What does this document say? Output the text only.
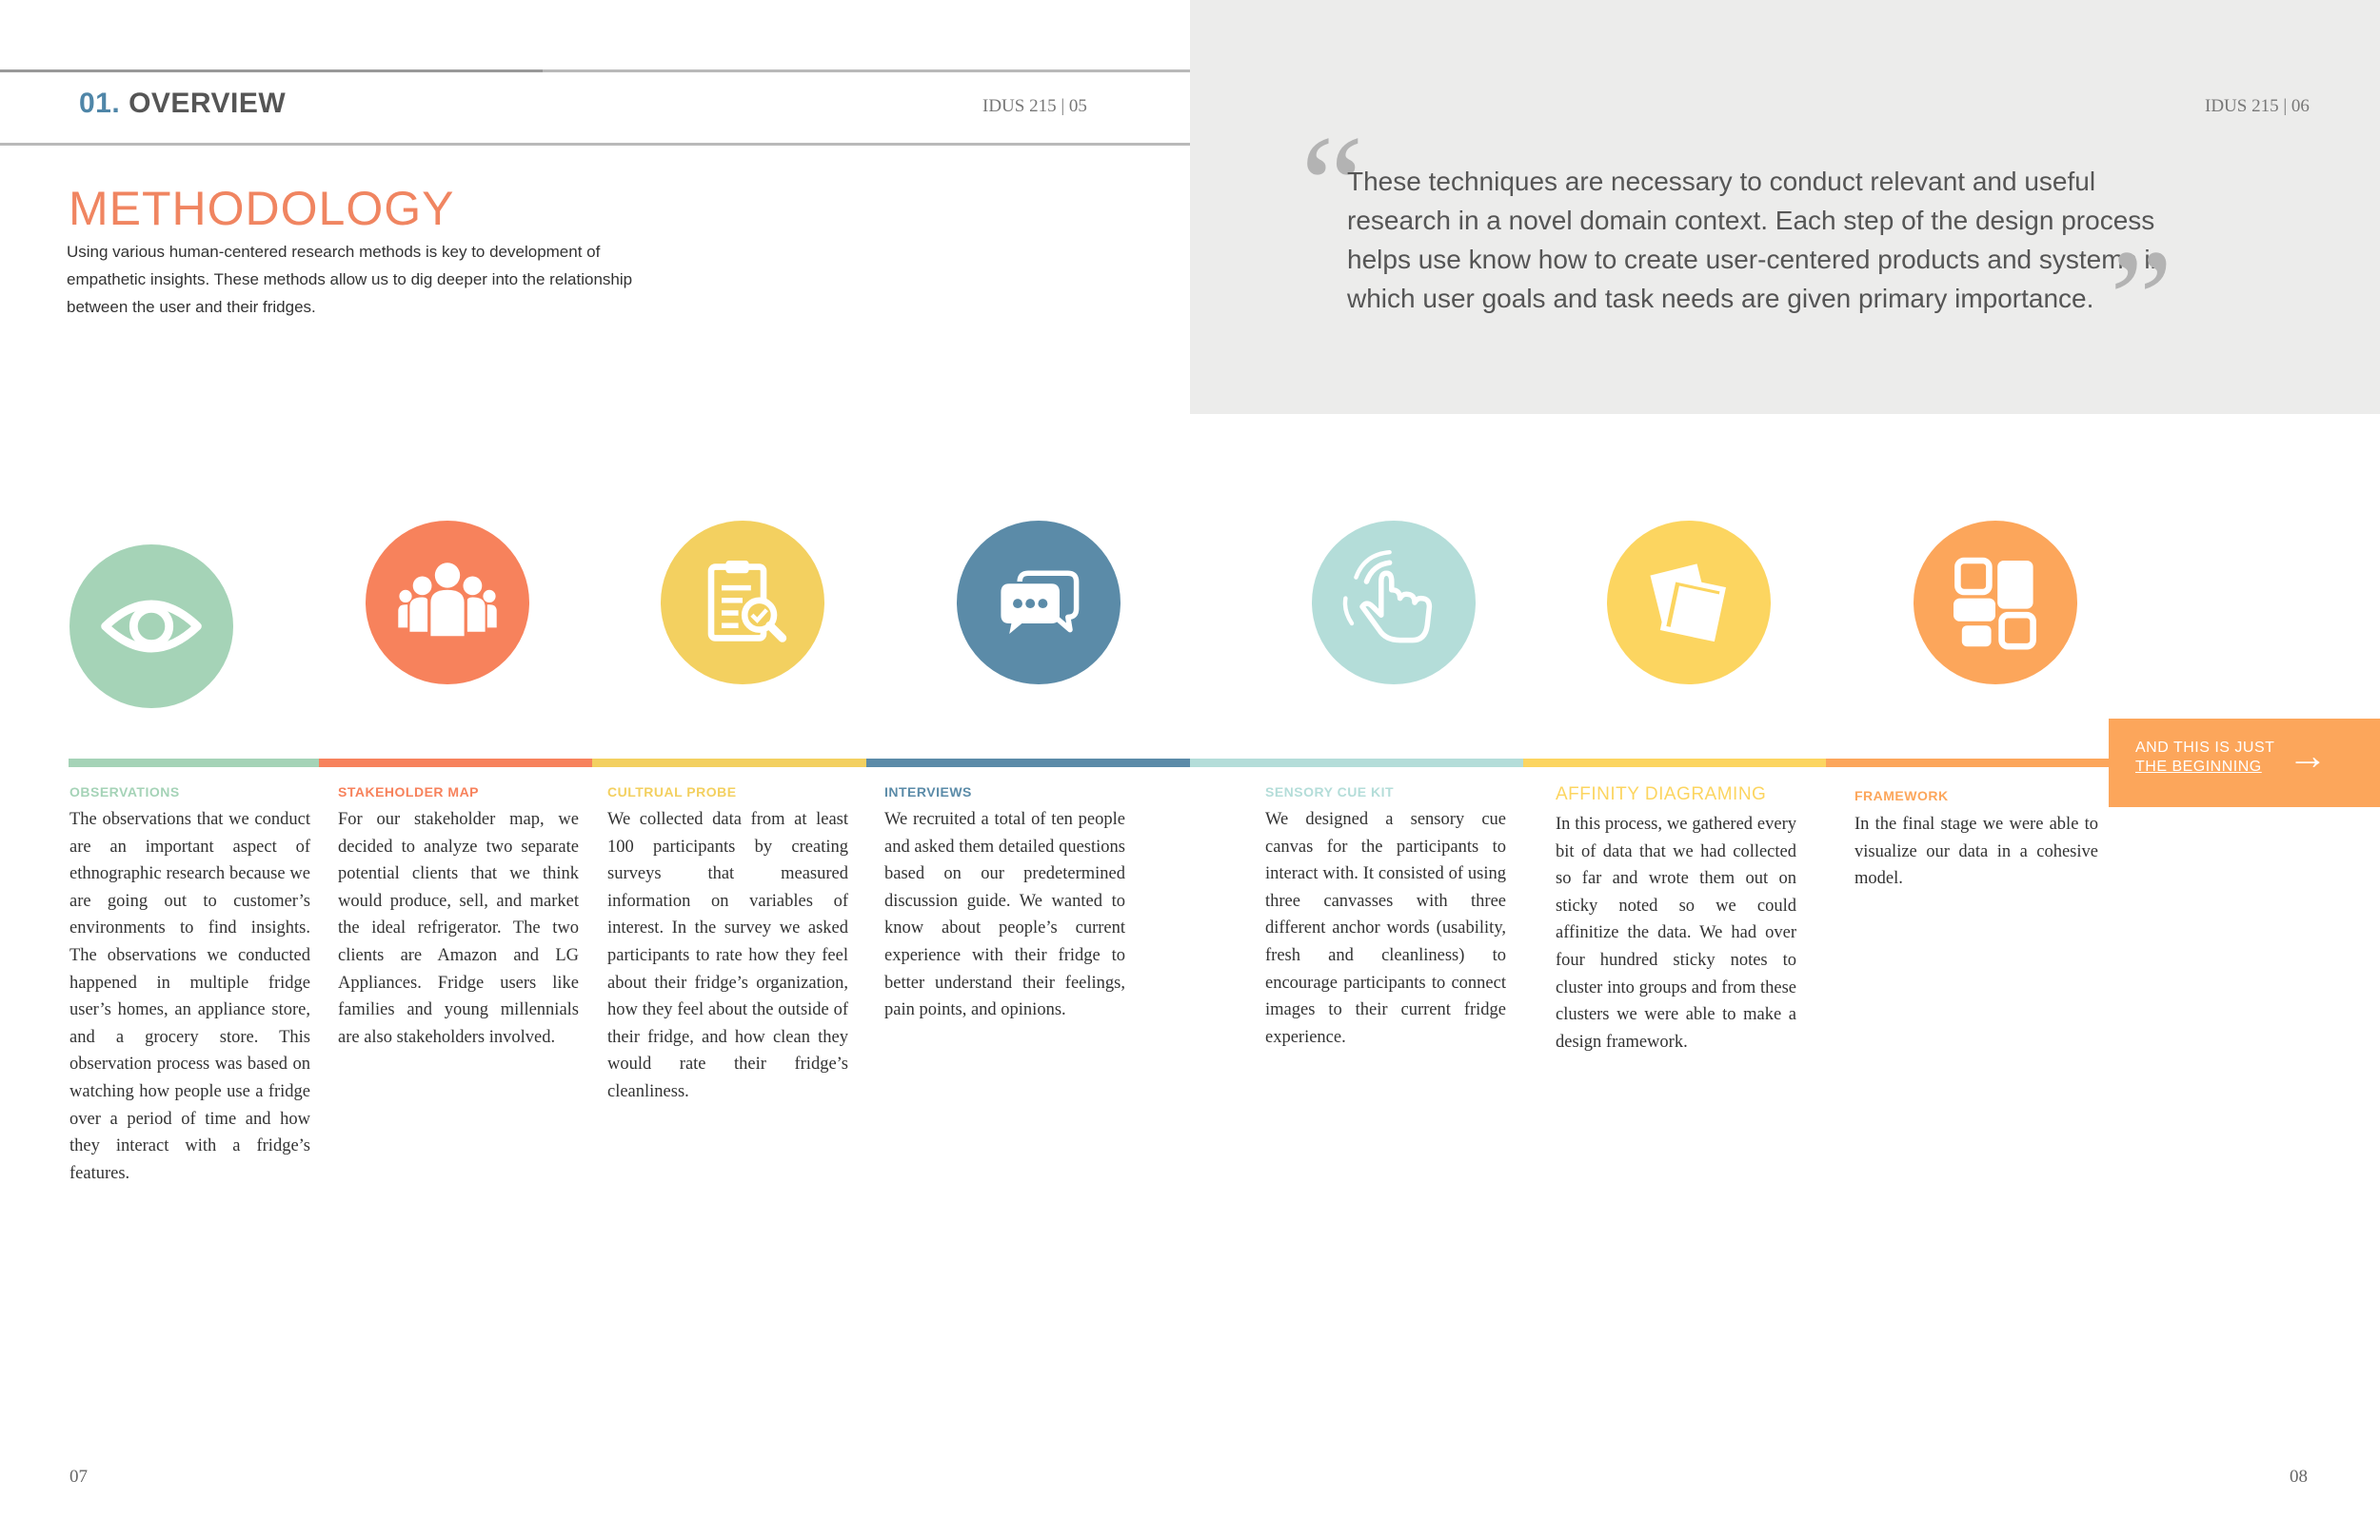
01. OVERVIEW	IDUS 215 | 05	IDUS 215 | 06
METHODOLOGY
Using various human-centered research methods is key to development of empathetic insights. These methods allow us to dig deeper into the relationship between the user and their fridges.
“
These techniques are necessary to conduct relevant and useful research in a novel domain context. Each step of the design process helps use know how to create user-centered products and systems in which user goals and task needs are given primary importance. ”
OBSERVATIONS	STAKEHOLDER MAP	CULTRUAL PROBE	INTERVIEWS	SENSORY CUE KIT	AFFINITY DIAGRAMING	FRAMEWORK
The observations that we conduct are an important aspect of ethnographic research because we are going out to customer’s environments to find insights. The observations we conducted happened in multiple fridge user’s homes, an appliance store, and a grocery store. This observation process was based on watching how people use a fridge over a period of time and how they interact with a fridge’s features.
For our stakeholder map, we decided to analyze two separate potential clients that we think would produce, sell, and market the ideal refrigerator. The two clients are Amazon and LG Appliances. Fridge users like families and young millennials are also stakeholders involved.
We collected data from at least 100 participants by creating surveys that measured information on variables of interest. In the survey we asked participants to rate how they feel about their fridge’s organization, how they feel about the outside of their fridge, and how clean they would rate their fridge’s cleanliness.
We recruited a total of ten people and asked them detailed questions based on our predetermined discussion guide. We wanted to know about people’s current experience with their fridge to better understand their feelings, pain points, and opinions.
We designed a sensory cue canvas for the participants to interact with. It consisted of using three canvasses with three different anchor words (usability, fresh and cleanliness) to encourage participants to connect images to their current fridge experience.
In this process, we gathered every bit of data that we had collected so far and wrote them out on sticky noted so we could affinitize the data. We had over four hundred sticky notes to cluster into groups and from these clusters we were able to make a design framework.
In the final stage we were able to visualize our data in a cohesive model.
AND THIS IS JUST
THE BEGINNING →
07	08
